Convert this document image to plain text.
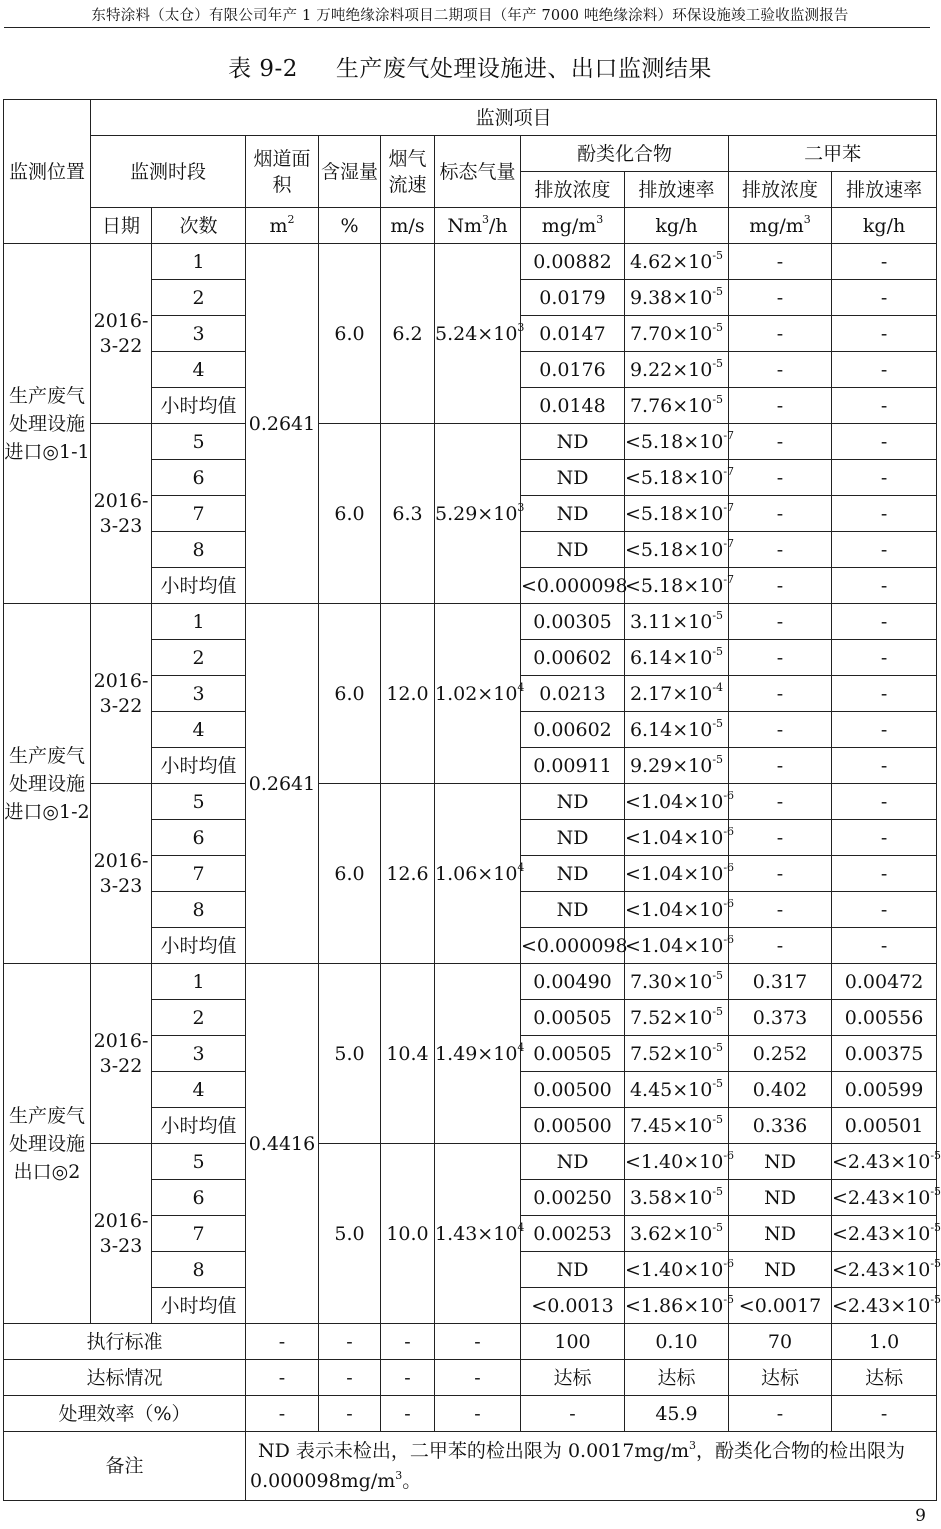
东特涂料（太仓）有限公司年产 1 万吨绝缘涂料项目二期项目（年产 7000 吨绝缘涂料）环保设施竣工验收监测报告
表 9-2 生产废气处理设施进、出口监测结果
监测位置	监测项目									
	监测时段		烟道面积	含湿量	烟气流速	标态气量	酚类化合物		二甲苯	
							排放浓度	排放速率	排放浓度	排放速率
	日期	次数	$m^2$	%	m/s	Nm$^3$/h	$mg/m^3$	kg/h	$mg/m^3$	kg/h
生产废气处理设施进口◎1-1	2016-3-22	1	0.2641	6.0	6.2	$5.24\times 10^3$	0.00882	$4.62\times 10^{-5}$	-	-
		2					0.0179	$9.38\times 10^{-5}$	-	-
		3					0.0147	$7.70\times 10^{-5}$	-	-
		4					0.0176	$9.22\times 10^{-5}$	-	-
		小时均值					0.0148	$7.76\times 10^{-5}$	-	-
	2016-3-23	5		6.0	6.3	$5.29\times 10^3$	ND	$<5.18\times 10^{-7}$	-	-
		6					ND	$<5.18\times 10^{-7}$	-	-
		7					ND	$<5.18\times 10^{-7}$	-	-
		8					ND	$<5.18\times 10^{-7}$	-	-
		小时均值					<0.000098	$<5.18\times 10^{-7}$	-	-
生产废气处理设施进口◎1-2	2016-3-22	1	0.2641	6.0	12.0	$1.02\times 10^4$	0.00305	$3.11\times 10^{-5}$	-	-
		2					0.00602	$6.14\times 10^{-5}$	-	-
		3					0.0213	$2.17\times 10^{-4}$	-	-
		4					0.00602	$6.14\times 10^{-5}$	-	-
		小时均值					0.00911	$9.29\times 10^{-5}$	-	-
	2016-3-23	5		6.0	12.6	$1.06\times 10^4$	ND	$<1.04\times 10^{-6}$	-	-
		6					ND	$<1.04\times 10^{-6}$	-	-
		7					ND	$<1.04\times 10^{-6}$	-	-
		8					ND	$<1.04\times 10^{-6}$	-	-
		小时均值					<0.000098	$<1.04\times 10^{-6}$	-	-
生产废气处理设施出口◎2	2016-3-22	1	0.4416	5.0	10.4	$1.49\times 10^4$	0.00490	$7.30\times 10^{-5}$	0.317	0.00472
		2					0.00505	$7.52\times 10^{-5}$	0.373	0.00556
		3					0.00505	$7.52\times 10^{-5}$	0.252	0.00375
		4					0.00500	$4.45\times 10^{-5}$	0.402	0.00599
		小时均值					0.00500	$7.45\times 10^{-5}$	0.336	0.00501
	2016-3-23	5		5.0	10.0	$1.43\times 10^4$	ND	$<1.40\times 10^{-6}$	ND	$<2.43\times 10^{-5}$
		6					0.00250	$3.58\times 10^{-5}$	ND	$<2.43\times 10^{-5}$
		7					0.00253	$3.62\times 10^{-5}$	ND	$<2.43\times 10^{-5}$
		8					ND	$<1.40\times 10^{-6}$	ND	$<2.43\times 10^{-5}$
		小时均值					<0.0013	$<1.86\times 10^{-5}$	<0.0017	$<2.43\times 10^{-5}$
执行标准			-	-	-	-	100	0.10	70	1.0
达标情况			-	-	-	-	达标	达标	达标	达标
处理效率（%）			-	-	-	-	-	45.9	-	-
备注			ND 表示未检出，二甲苯的检出限为 $0.0017mg/m^3$，酚类化合物的检出限为 $0.000098mg/m^3$。							
9
